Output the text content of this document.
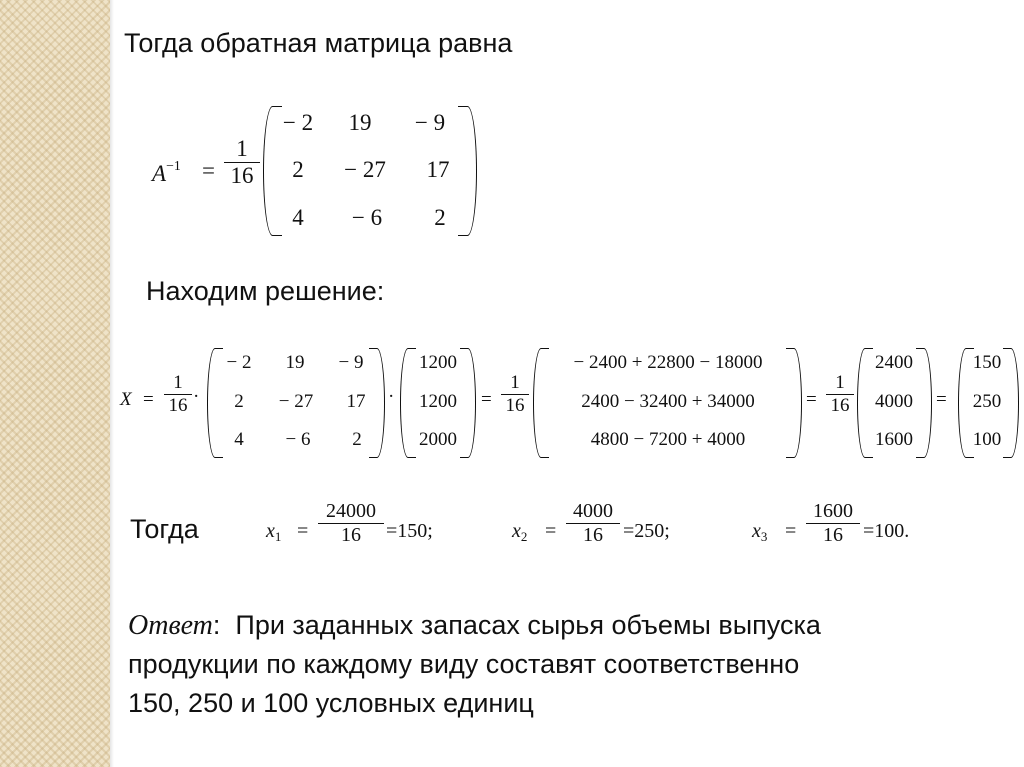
Тогда обратная матрица равна
$A^{-1}$ =
1
16
− 2	19	− 9
2	− 27	17
4	− 6	2
Находим решение:
X =
1
16 ·
− 2	19	− 9
2	− 27	17
4	− 6	2
·
1200
1200
2000
=
1
16
− 2400 + 22800 − 18000
2400 − 32400 + 34000
4800 − 7200 + 4000
=
1
16
2400
4000
1600
=
150
250
100
Тогда	$x_1$ =
24000
16	=150;	$x_2$ =
4000
16	=250;	$x_3$ =
1600
16	=100.
Ответ: При заданных запасах сырья объемы выпуска
продукции по каждому виду составят соответственно
150, 250 и 100 условных единиц
